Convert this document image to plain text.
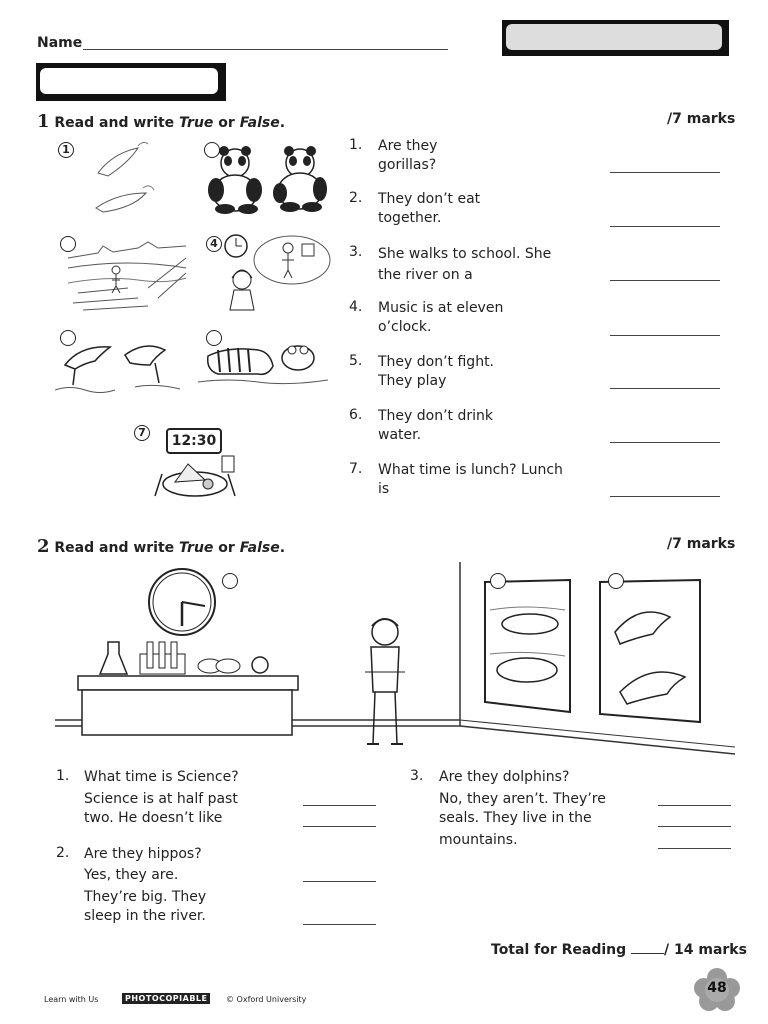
Name
1 Read and write True or False.	/7 marks
1
4
7
12:30
1. Are they
gorillas?
2. They don’t eat
together.
3. She walks to school. She
the river on a
4. Music is at eleven
o’clock.
5. They don’t fight.
They play
6. They don’t drink
water.
7. What time is lunch? Lunch
is
2 Read and write True or False.	/7 marks
1. What time is Science?
Science is at half past
two. He doesn’t like
2. Are they hippos?
Yes, they are.
They’re big. They
sleep in the river.
3. Are they dolphins?
No, they aren’t. They’re
seals. They live in the
mountains.
Total for Reading / 14 marks
Learn with Us	PHOTOCOPIABLE	© Oxford University
48
